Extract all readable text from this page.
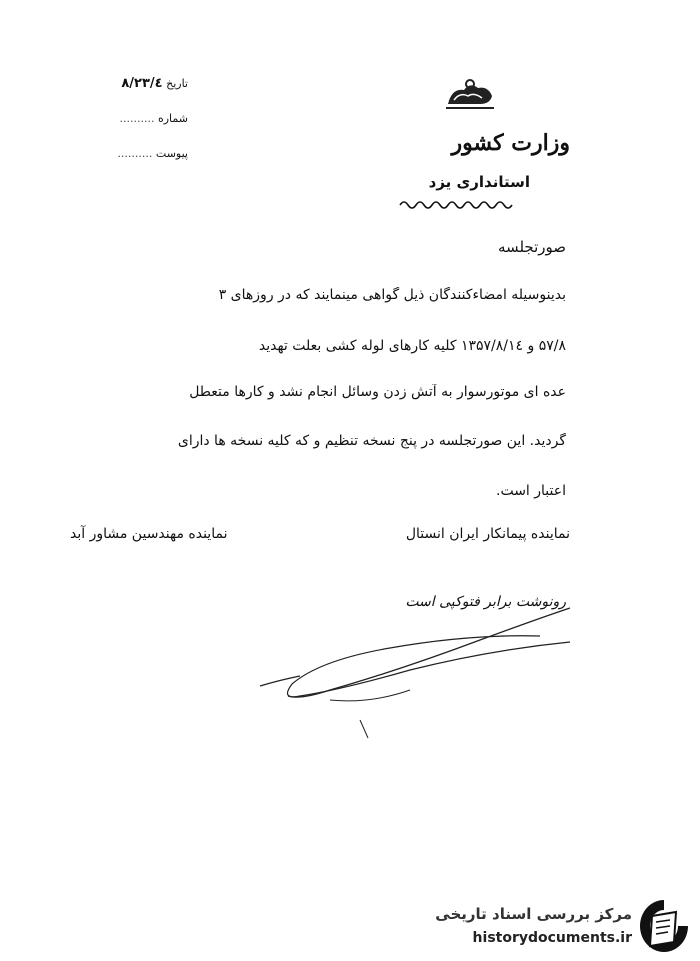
تاریخ ۸/۲۳/٤
شماره ..........
پیوست ..........	وزارت کشور
استانداری یزد
صورتجلسه
بدینوسیله امضاءکنندگان ذیل گواهی مینمایند که در روزهای ۳
۵۷/۸ و ۱۳۵۷/۸/۱٤ کلیه کارهای لوله کشی بعلت تهدید
عده ای موتورسوار به آتش زدن وسائل انجام نشد و کارها متعطل
گردید. این صورتجلسه در پنج نسخه تنظیم و که کلیه نسخه ها دارای
اعتبار است.
نماینده پیمانکار ایران انستال
نماینده مهندسین مشاور آبد
رونوشت برابر فتوکپی است
مرکز بررسی اسناد تاریخی
historydocuments.ir
